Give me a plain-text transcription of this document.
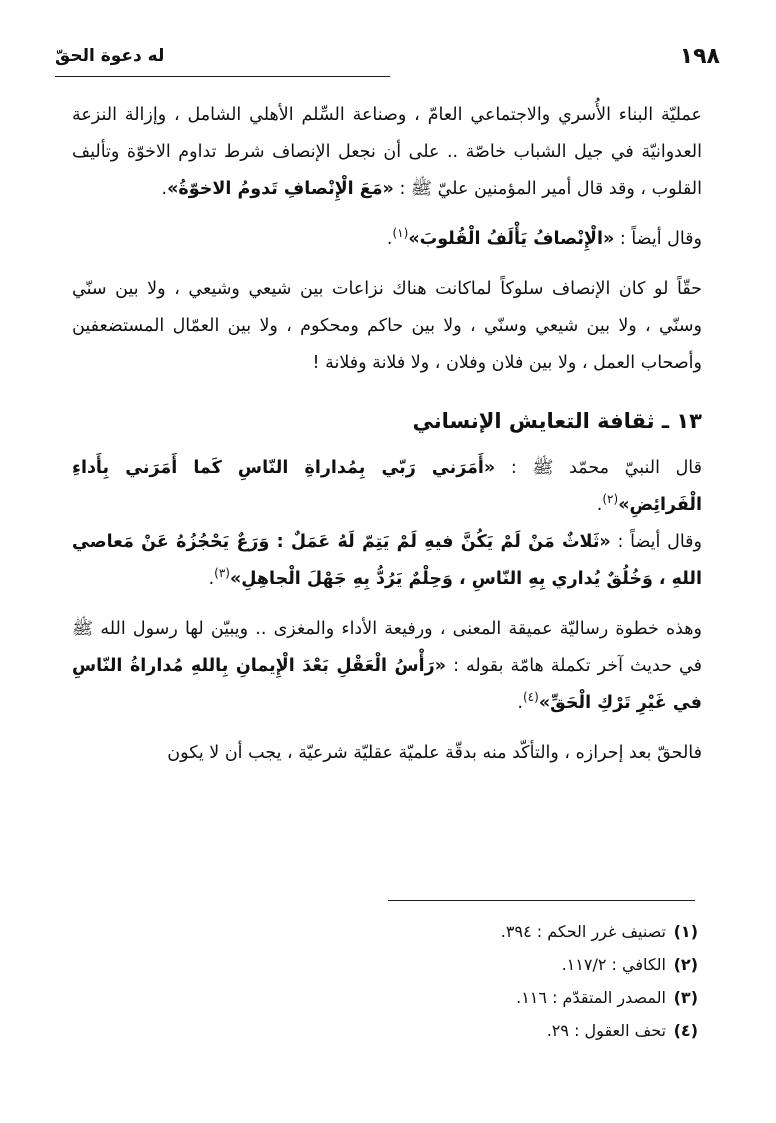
١٩٨
له دعوة الحقّ

عمليّة البناء الأُسري والاجتماعي العامّ ، وصناعة السِّلم الأهلي الشامل ، وإزالة النزعة العدوانيّة في جيل الشباب خاصّة .. على أن نجعل الإنصاف شرط تداوم الاخوّة وتأليف القلوب ، وقد قال أمير المؤمنين عليّ ﷺ : «مَعَ الْإِنْصافِ تَدومُ الاخوّةُ».

وقال أيضاً : «الْإِنْصافُ يَأْلَفُ الْقُلوبَ»$^{(١)}$.

حقّاً لو كان الإنصاف سلوكاً لماكانت هناك نزاعات بين شيعي وشيعي ، ولا بين سنّي وسنّي ، ولا بين شيعي وسنّي ، ولا بين حاكم ومحكوم ، ولا بين العمّال المستضعفين وأصحاب العمل ، ولا بين فلان وفلان ، ولا فلانة وفلانة !

١٣ ـ ثقافة التعايش الإنساني

قال النبيّ محمّد ﷺ : «أَمَرَني رَبّي بِمُداراةِ النّاسِ كَما أَمَرَني بِأَداءِ الْفَرائِضِ»$^{(٢)}$.

وقال أيضاً : «ثَلاثٌ مَنْ لَمْ يَكُنَّ فيهِ لَمْ يَتِمّ لَهُ عَمَلٌ : وَرَعٌ يَحْجُزُهُ عَنْ مَعاصي اللهِ ، وَخُلُقٌ يُداري بِهِ النّاسِ ، وَحِلْمٌ يَرُدُّ بِهِ جَهْلَ الْجاهِلِ»$^{(٣)}$.

وهذه خطوة رساليّة عميقة المعنى ، ورفيعة الأداء والمغزى .. ويبيّن لها رسول الله ﷺ في حديث آخر تكملة هامّة بقوله : «رَأْسُ الْعَقْلِ بَعْدَ الْإِيمانِ بِاللهِ مُداراةُ النّاسِ في غَيْرِ تَرْكِ الْحَقِّ»$^{(٤)}$.

فالحقّ بعد إحرازه ، والتأكّد منه بدقّة علميّة عقليّة شرعيّة ، يجب أن لا يكون

(١)تصنيف غرر الحكم : ٣٩٤.
(٢)الكافي : ١١٧/٢.
(٣)المصدر المتقدّم : ١١٦.
(٤)تحف العقول : ٢٩.
